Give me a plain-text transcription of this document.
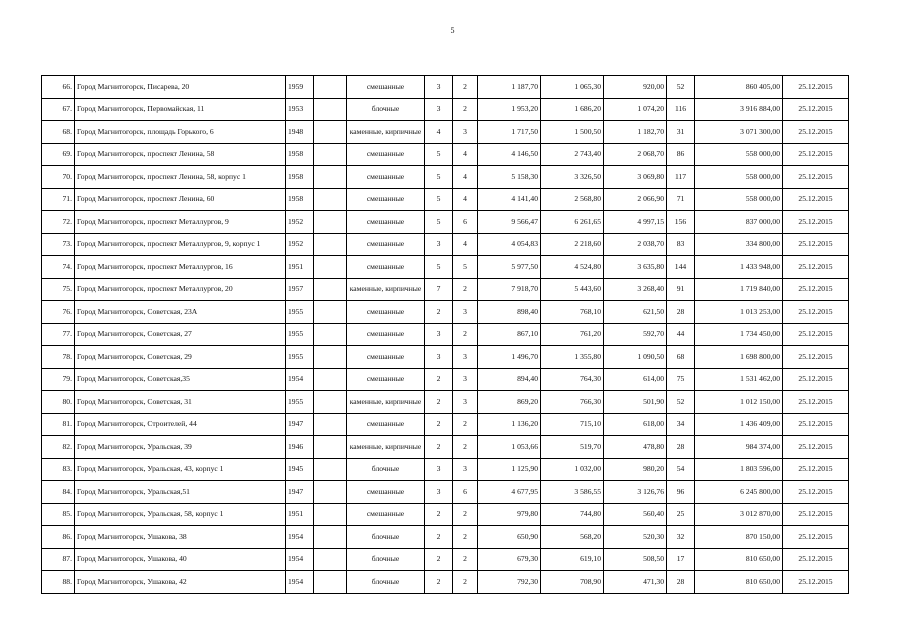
5
66.	Город Магнитогорск, Писарева, 20	1959		смешанные	3	2	1 187,70	1 065,30	920,00	52	860 405,00	25.12.2015
67.	Город Магнитогорск, Первомайская, 11	1953		блочные	3	2	1 953,20	1 686,20	1 074,20	116	3 916 884,00	25.12.2015
68.	Город Магнитогорск, площадь Горького, 6	1948		каменные, кирпичные	4	3	1 717,50	1 500,50	1 182,70	31	3 071 300,00	25.12.2015
69.	Город Магнитогорск, проспект Ленина, 58	1958		смешанные	5	4	4 146,50	2 743,40	2 068,70	86	558 000,00	25.12.2015
70.	Город Магнитогорск, проспект Ленина, 58, корпус 1	1958		смешанные	5	4	5 158,30	3 326,50	3 069,80	117	558 000,00	25.12.2015
71.	Город Магнитогорск, проспект Ленина, 60	1958		смешанные	5	4	4 141,40	2 568,80	2 066,90	71	558 000,00	25.12.2015
72.	Город Магнитогорск, проспект Металлургов, 9	1952		смешанные	5	6	9 566,47	6 261,65	4 997,15	156	837 000,00	25.12.2015
73.	Город Магнитогорск, проспект Металлургов, 9, корпус 1	1952		смешанные	3	4	4 054,83	2 218,60	2 038,70	83	334 800,00	25.12.2015
74.	Город Магнитогорск, проспект Металлургов, 16	1951		смешанные	5	5	5 977,50	4 524,80	3 635,80	144	1 433 948,00	25.12.2015
75.	Город Магнитогорск, проспект Металлургов, 20	1957		каменные, кирпичные	7	2	7 918,70	5 443,60	3 268,40	91	1 719 840,00	25.12.2015
76.	Город Магнитогорск, Советская, 23А	1955		смешанные	2	3	898,40	768,10	621,50	28	1 013 253,00	25.12.2015
77.	Город Магнитогорск, Советская, 27	1955		смешанные	3	2	867,10	761,20	592,70	44	1 734 450,00	25.12.2015
78.	Город Магнитогорск, Советская, 29	1955		смешанные	3	3	1 496,70	1 355,80	1 090,50	68	1 698 800,00	25.12.2015
79.	Город Магнитогорск, Советская,35	1954		смешанные	2	3	894,40	764,30	614,00	75	1 531 462,00	25.12.2015
80.	Город Магнитогорск, Советская, 31	1955		каменные, кирпичные	2	3	869,20	766,30	501,90	52	1 012 150,00	25.12.2015
81.	Город Магнитогорск, Строителей, 44	1947		смешанные	2	2	1 136,20	715,10	618,00	34	1 436 409,00	25.12.2015
82.	Город Магнитогорск, Уральская, 39	1946		каменные, кирпичные	2	2	1 053,66	519,70	478,80	28	984 374,00	25.12.2015
83.	Город Магнитогорск, Уральская, 43, корпус 1	1945		блочные	3	3	1 125,90	1 032,00	980,20	54	1 803 596,00	25.12.2015
84.	Город Магнитогорск, Уральская,51	1947		смешанные	3	6	4 677,95	3 586,55	3 126,76	96	6 245 800,00	25.12.2015
85.	Город Магнитогорск, Уральская, 58, корпус 1	1951		смешанные	2	2	979,80	744,80	560,40	25	3 012 870,00	25.12.2015
86.	Город Магнитогорск, Ушакова, 38	1954		блочные	2	2	650,90	568,20	520,30	32	870 150,00	25.12.2015
87.	Город Магнитогорск, Ушакова, 40	1954		блочные	2	2	679,30	619,10	508,50	17	810 650,00	25.12.2015
88.	Город Магнитогорск, Ушакова, 42	1954		блочные	2	2	792,30	708,90	471,30	28	810 650,00	25.12.2015
